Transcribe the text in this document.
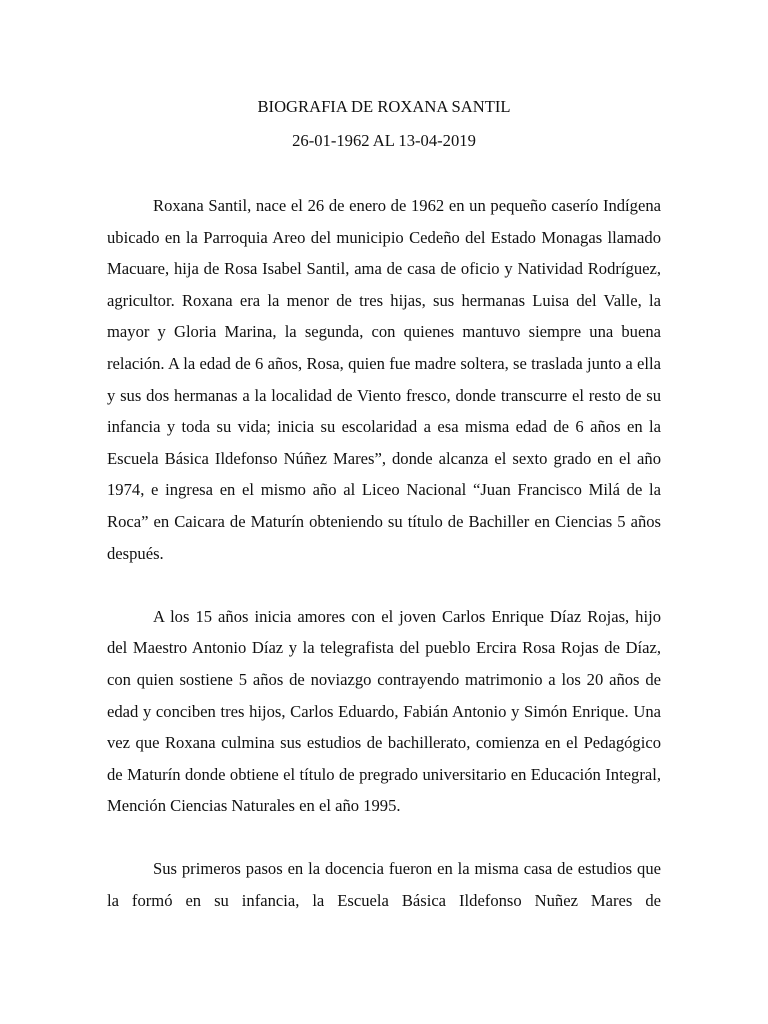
BIOGRAFIA DE ROXANA SANTIL

26-01-1962 AL 13-04-2019

Roxana Santil, nace el 26 de enero de 1962 en un pequeño caserío Indígena ubicado en la Parroquia Areo del municipio Cedeño del Estado Monagas llamado Macuare, hija de Rosa Isabel Santil, ama de casa de oficio y Natividad Rodríguez, agricultor. Roxana era la menor de tres hijas, sus hermanas Luisa del Valle, la mayor y Gloria Marina, la segunda, con quienes mantuvo siempre una buena relación. A la edad de 6 años, Rosa, quien fue madre soltera, se traslada junto a ella y sus dos hermanas a la localidad de Viento fresco, donde transcurre el resto de su infancia y toda su vida; inicia su escolaridad a esa misma edad de 6 años en la Escuela Básica Ildefonso Núñez Mares”, donde alcanza el sexto grado en el año 1974, e ingresa en el mismo año al Liceo Nacional “Juan Francisco Milá de la Roca” en Caicara de Maturín obteniendo su título de Bachiller en Ciencias 5 años después.

A los 15 años inicia amores con el joven Carlos Enrique Díaz Rojas, hijo del Maestro Antonio Díaz y la telegrafista del pueblo Ercira Rosa Rojas de Díaz, con quien sostiene 5 años de noviazgo contrayendo matrimonio a los 20 años de edad y conciben tres hijos, Carlos Eduardo, Fabián Antonio y Simón Enrique. Una vez que Roxana culmina sus estudios de bachillerato, comienza en el Pedagógico de Maturín donde obtiene el título de pregrado universitario en Educación Integral, Mención Ciencias Naturales en el año 1995.

Sus primeros pasos en la docencia fueron en la misma casa de estudios que la formó en su infancia, la Escuela Básica Ildefonso Nuñez Mares de
